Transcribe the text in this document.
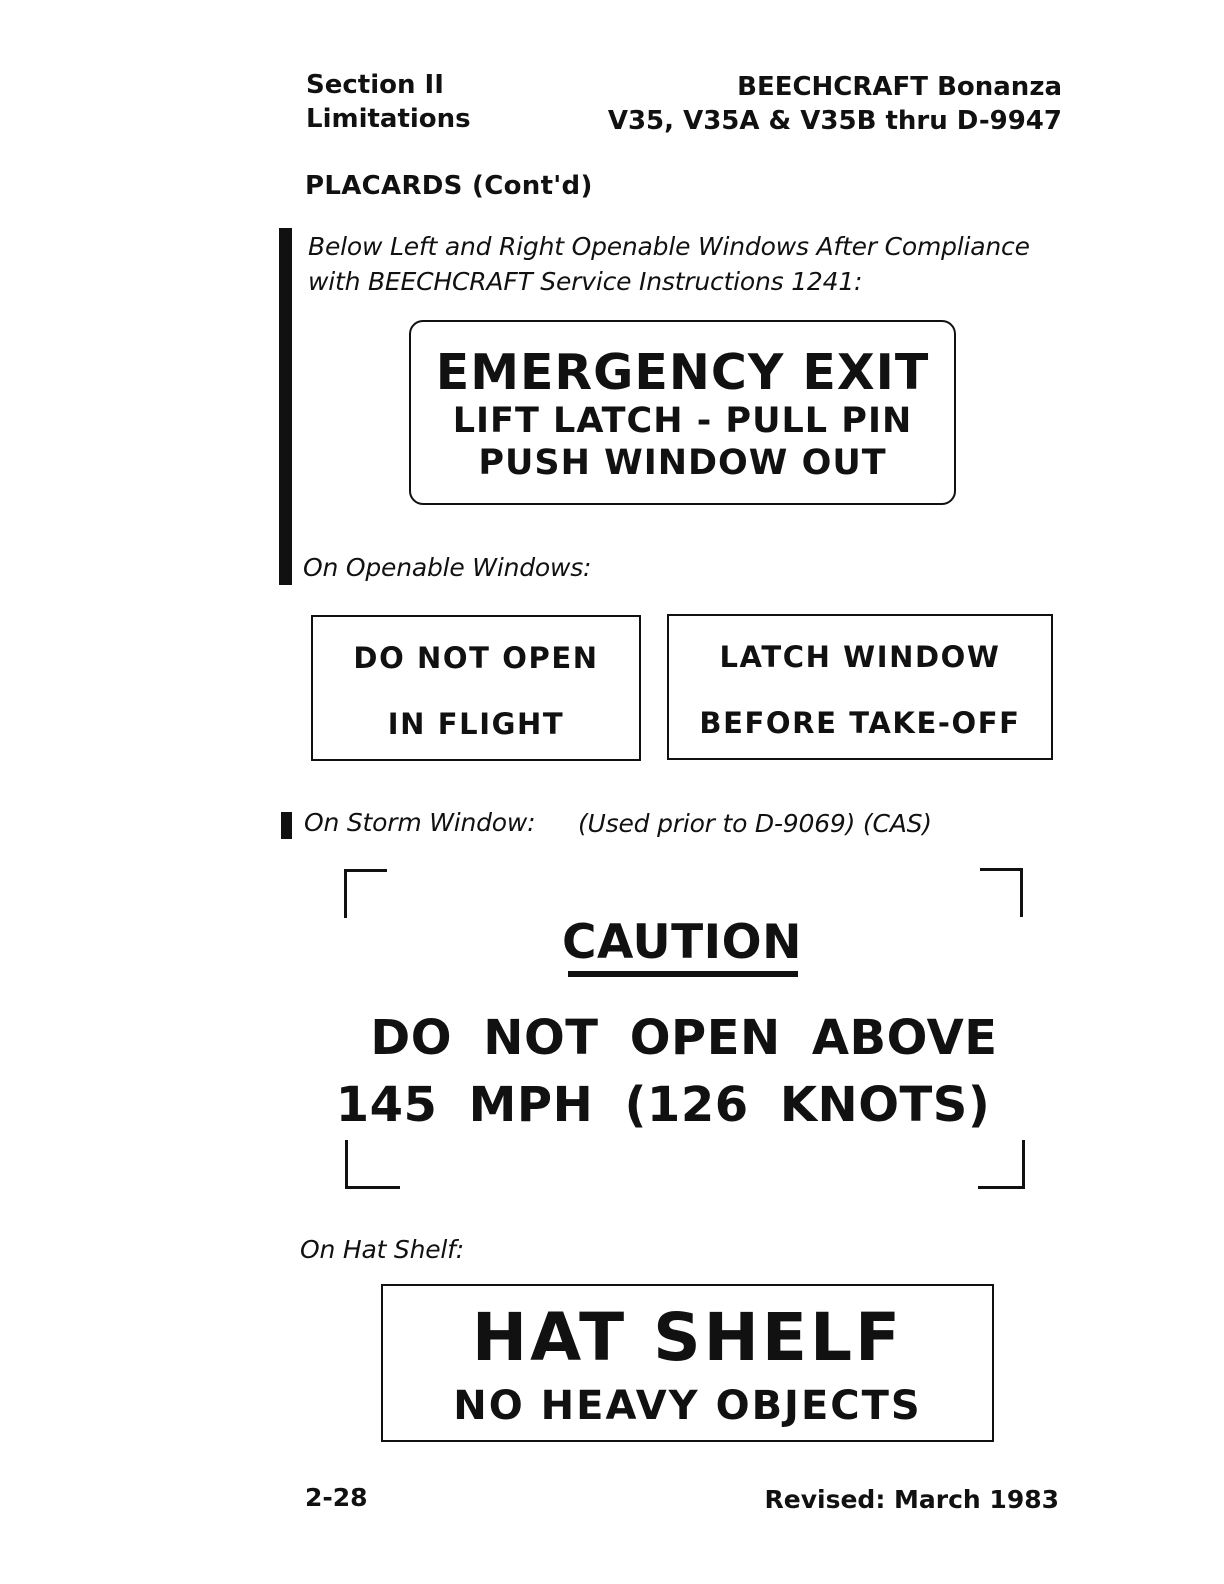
Section II
Limitations
BEECHCRAFT Bonanza
V35, V35A & V35B thru D-9947
PLACARDS (Cont'd)
Below Left and Right Openable Windows After Compliance
with BEECHCRAFT Service Instructions 1241:
EMERGENCY EXIT
LIFT LATCH - PULL PIN
PUSH WINDOW OUT
On Openable Windows:
DO NOT OPEN
IN FLIGHT
LATCH WINDOW
BEFORE TAKE-OFF
On Storm Window: (Used prior to D-9069) (CAS)
CAUTION
DO NOT OPEN ABOVE
145 MPH (126 KNOTS)
On Hat Shelf:
HAT SHELF
NO HEAVY OBJECTS
2-28	Revised: March 1983
